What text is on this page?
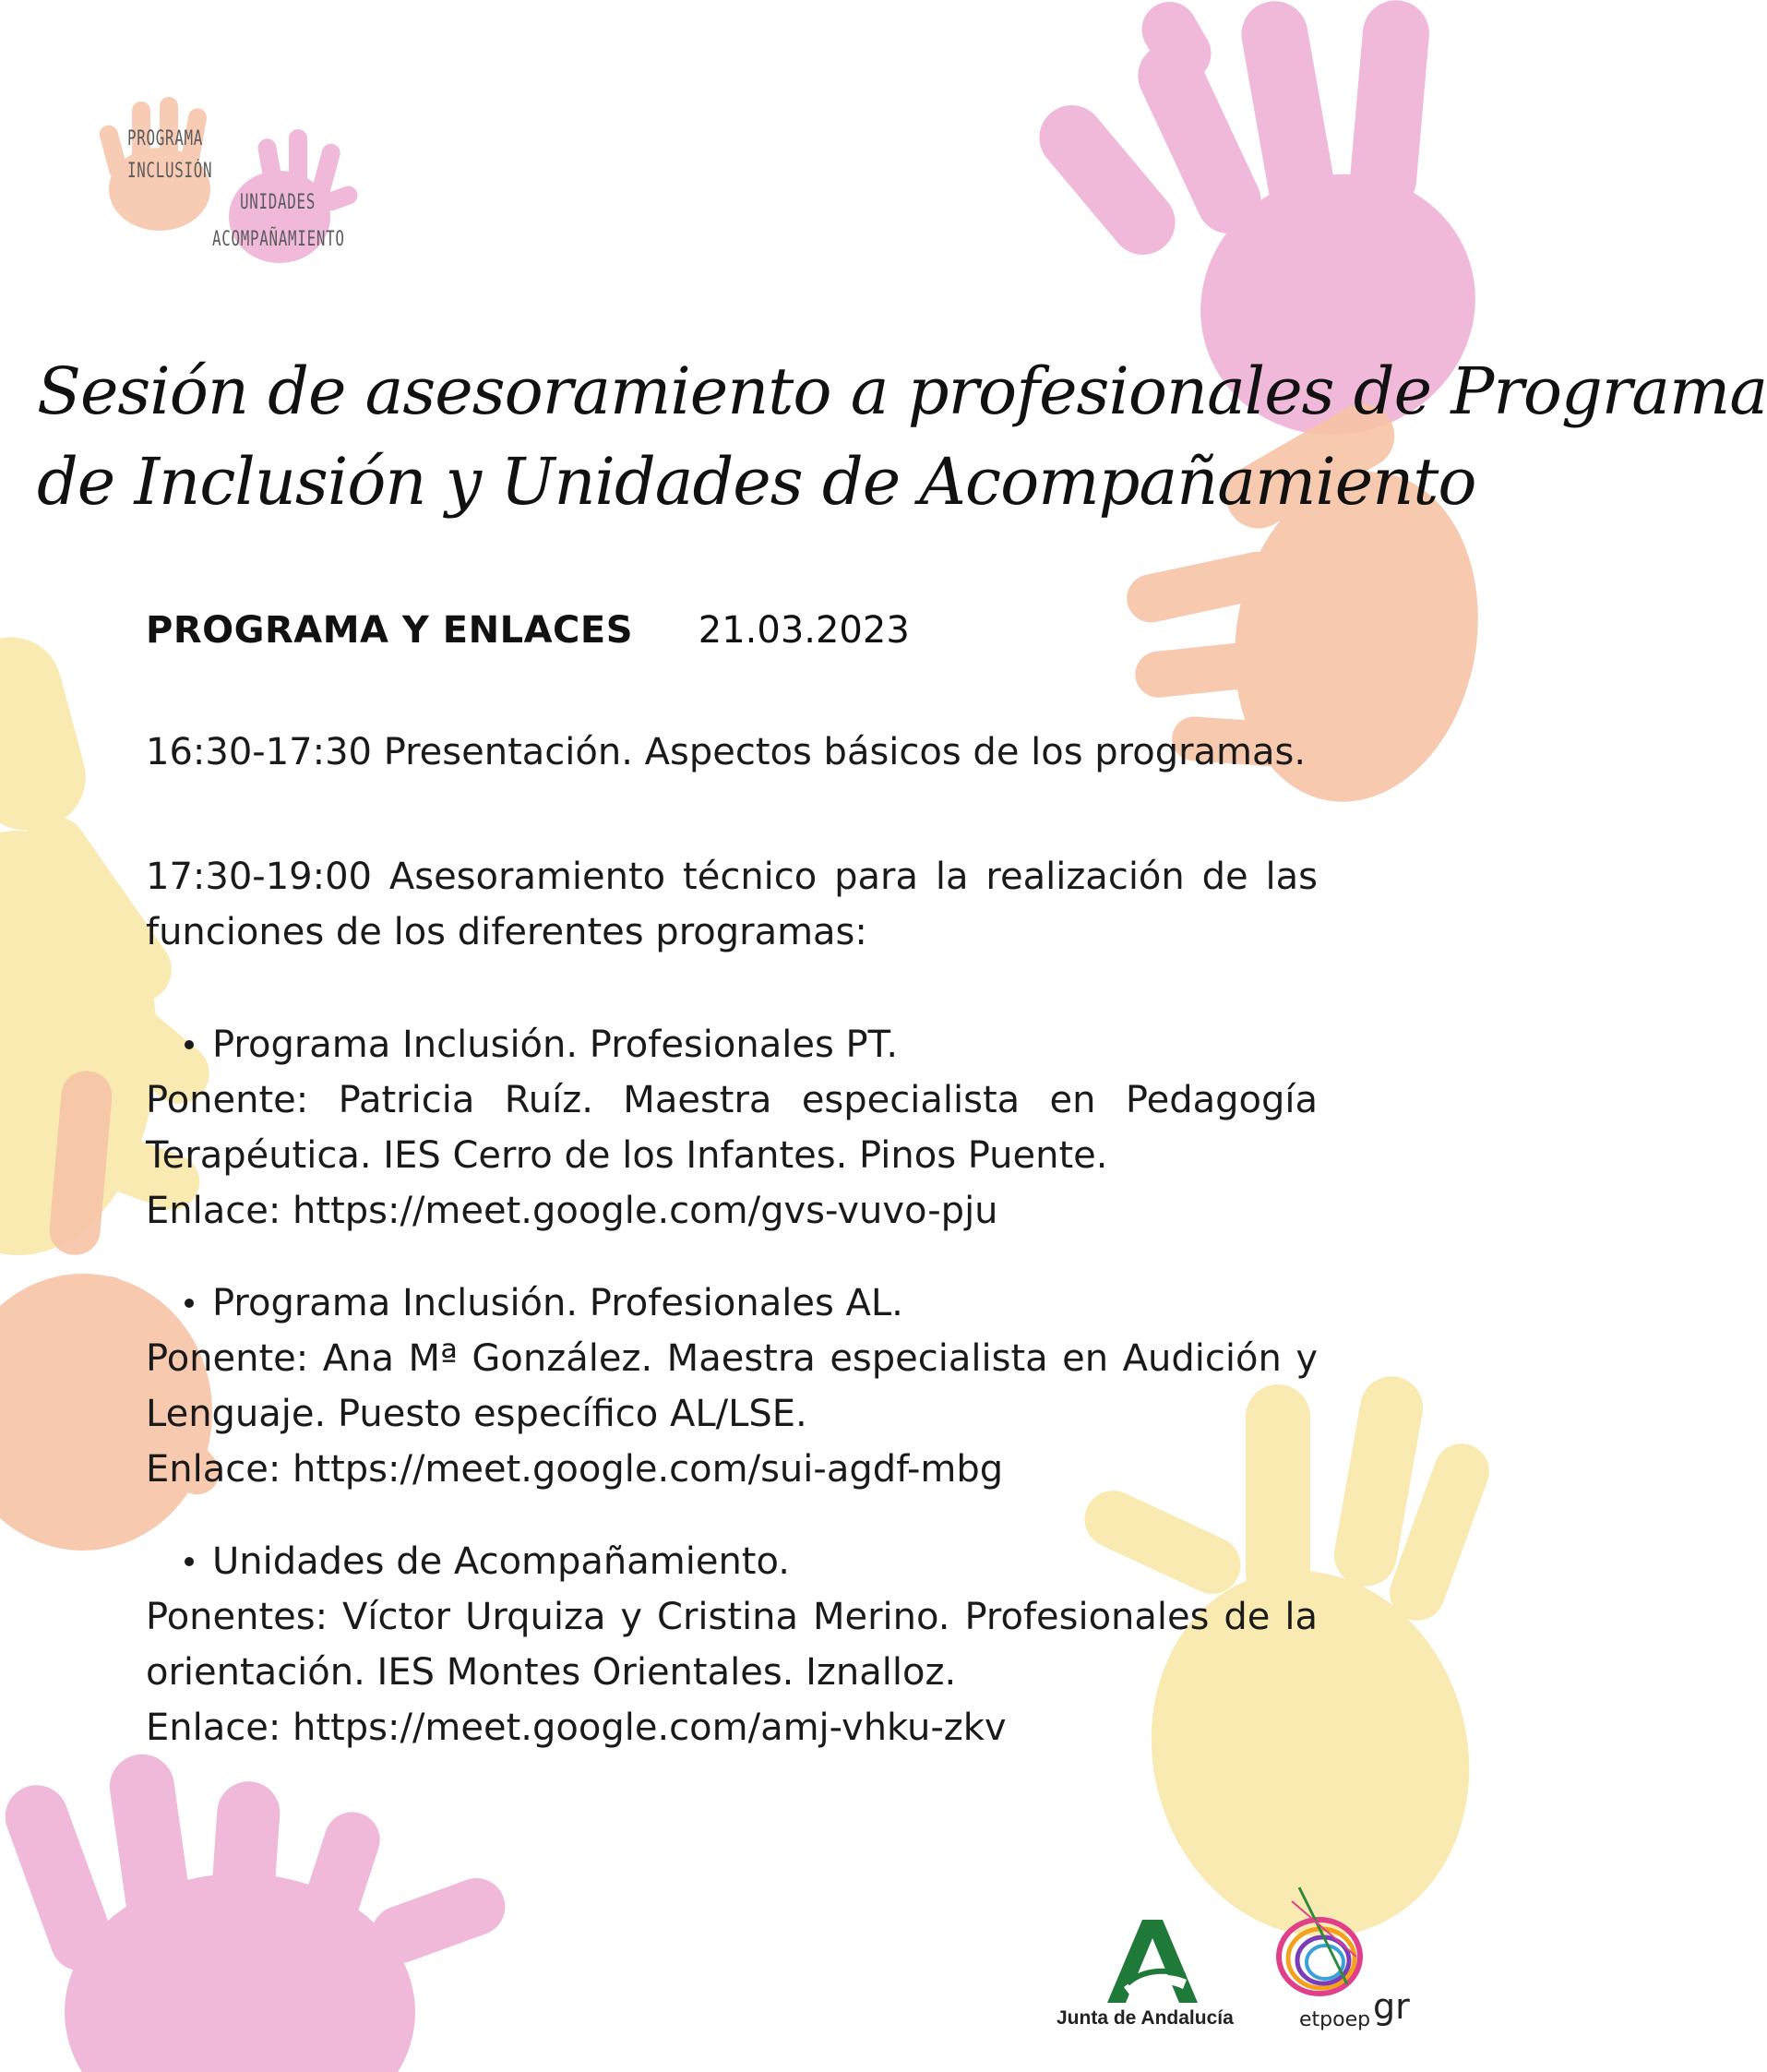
PROGRAMA
INCLUSIÓN
UNIDADES
ACOMPAÑAMIENTO
Sesión de asesoramiento a profesionales de Programa
de Inclusión y Unidades de Acompañamiento
PROGRAMA Y ENLACES 21.03.2023

16:30-17:30 Presentación. Aspectos básicos de los programas.

17:30-19:00 Asesoramiento técnico para la realización de las funciones de los diferentes programas:

Programa Inclusión. Profesionales PT.

Ponente: Patricia Ruíz. Maestra especialista en Pedagogía Terapéutica. IES Cerro de los Infantes. Pinos Puente.

Enlace: https://meet.google.com/gvs-vuvo-pju

Programa Inclusión. Profesionales AL.

Ponente: Ana Mª González. Maestra especialista en Audición y Lenguaje. Puesto específico AL/LSE.

Enlace: https://meet.google.com/sui-agdf-mbg

Unidades de Acompañamiento.

Ponentes: Víctor Urquiza y Cristina Merino. Profesionales de la orientación. IES Montes Orientales. Iznalloz.

Enlace: https://meet.google.com/amj-vhku-zkv

Junta de Andalucía	etpoep gr
